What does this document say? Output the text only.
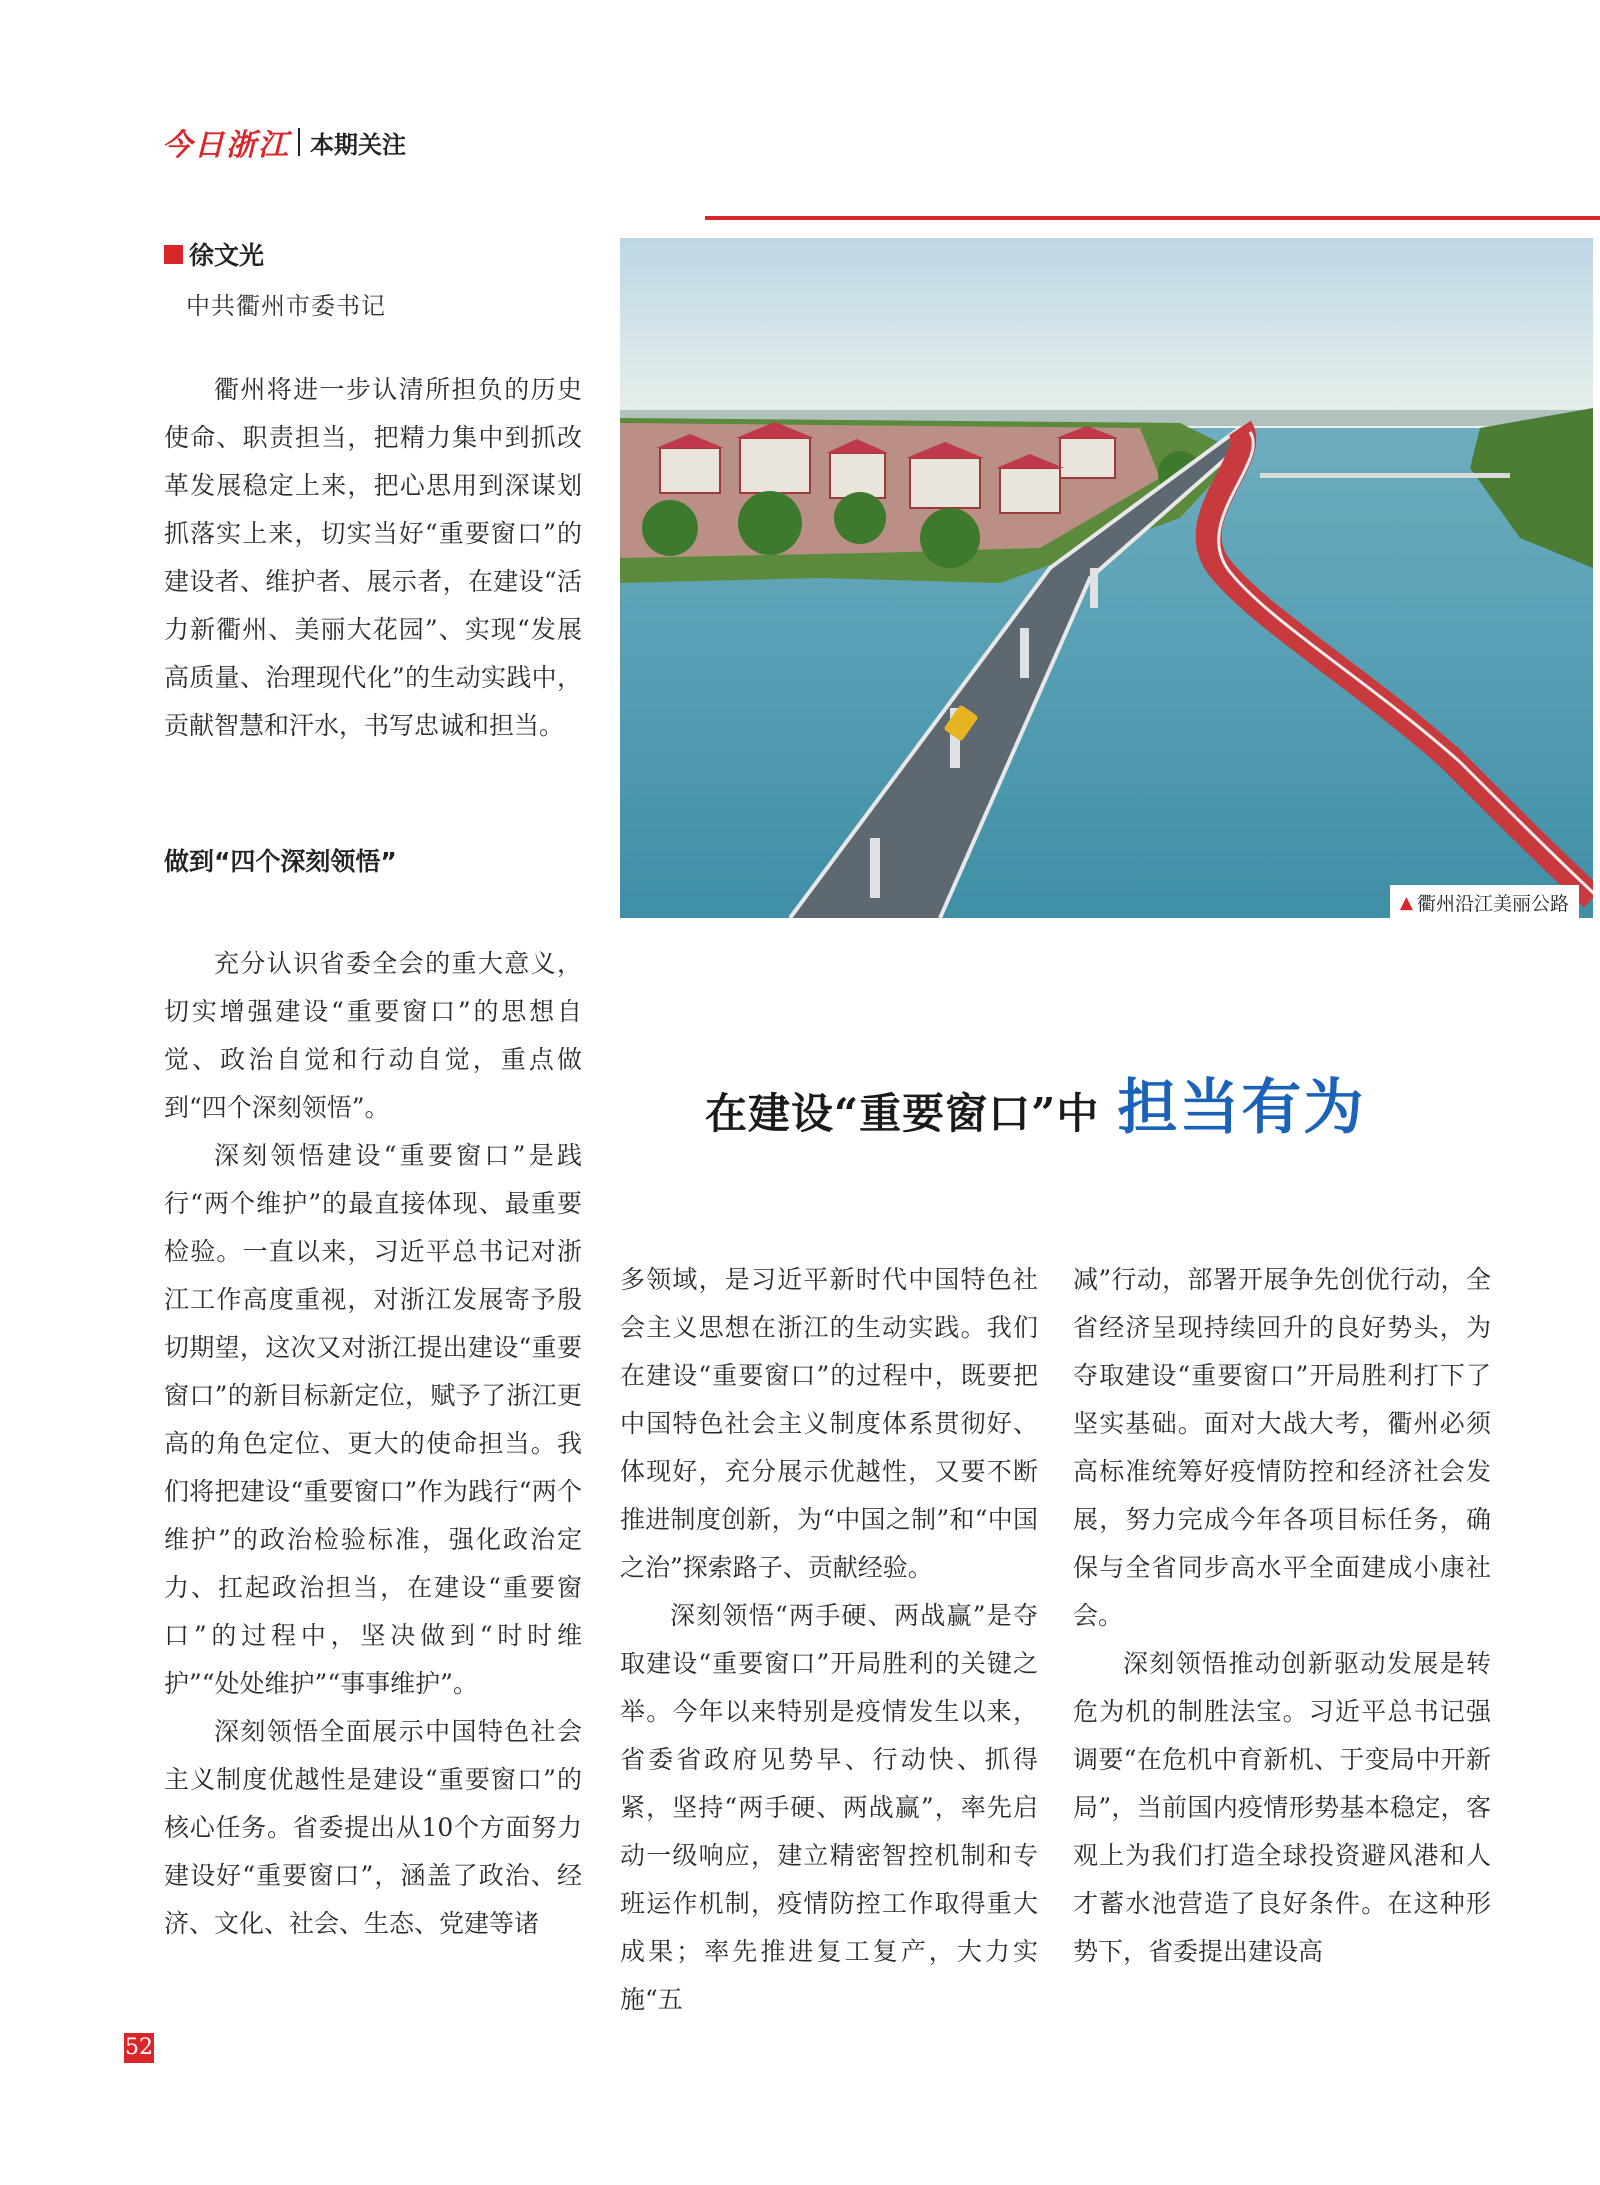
今日浙江 本期关注
徐文光
中共衢州市委书记

衢州将进一步认清所担负的历史使命、职责担当，把精力集中到抓改革发展稳定上来，把心思用到深谋划抓落实上来，切实当好“重要窗口”的建设者、维护者、展示者，在建设“活力新衢州、美丽大花园”、实现“发展高质量、治理现代化”的生动实践中，贡献智慧和汗水，书写忠诚和担当。

做到“四个深刻领悟”

充分认识省委全会的重大意义，切实增强建设“重要窗口”的思想自觉、政治自觉和行动自觉，重点做到“四个深刻领悟”。

深刻领悟建设“重要窗口”是践行“两个维护”的最直接体现、最重要检验。一直以来，习近平总书记对浙江工作高度重视，对浙江发展寄予殷切期望，这次又对浙江提出建设“重要窗口”的新目标新定位，赋予了浙江更高的角色定位、更大的使命担当。我们将把建设“重要窗口”作为践行“两个维护”的政治检验标准，强化政治定力、扛起政治担当，在建设“重要窗口”的过程中，坚决做到“时时维护”“处处维护”“事事维护”。

深刻领悟全面展示中国特色社会主义制度优越性是建设“重要窗口”的核心任务。省委提出从10个方面努力建设好“重要窗口”，涵盖了政治、经济、文化、社会、生态、党建等诸

▲ 衢州沿江美丽公路
在建设“重要窗口”中 担当有为

多领域，是习近平新时代中国特色社会主义思想在浙江的生动实践。我们在建设“重要窗口”的过程中，既要把中国特色社会主义制度体系贯彻好、体现好，充分展示优越性，又要不断推进制度创新，为“中国之制”和“中国之治”探索路子、贡献经验。

深刻领悟“两手硬、两战赢”是夺取建设“重要窗口”开局胜利的关键之举。今年以来特别是疫情发生以来，省委省政府见势早、行动快、抓得紧，坚持“两手硬、两战赢”，率先启动一级响应，建立精密智控机制和专班运作机制，疫情防控工作取得重大成果；率先推进复工复产，大力实施“五

减”行动，部署开展争先创优行动，全省经济呈现持续回升的良好势头，为夺取建设“重要窗口”开局胜利打下了坚实基础。面对大战大考，衢州必须高标准统筹好疫情防控和经济社会发展，努力完成今年各项目标任务，确保与全省同步高水平全面建成小康社会。

深刻领悟推动创新驱动发展是转危为机的制胜法宝。习近平总书记强调要“在危机中育新机、于变局中开新局”，当前国内疫情形势基本稳定，客观上为我们打造全球投资避风港和人才蓄水池营造了良好条件。在这种形势下，省委提出建设高

52
